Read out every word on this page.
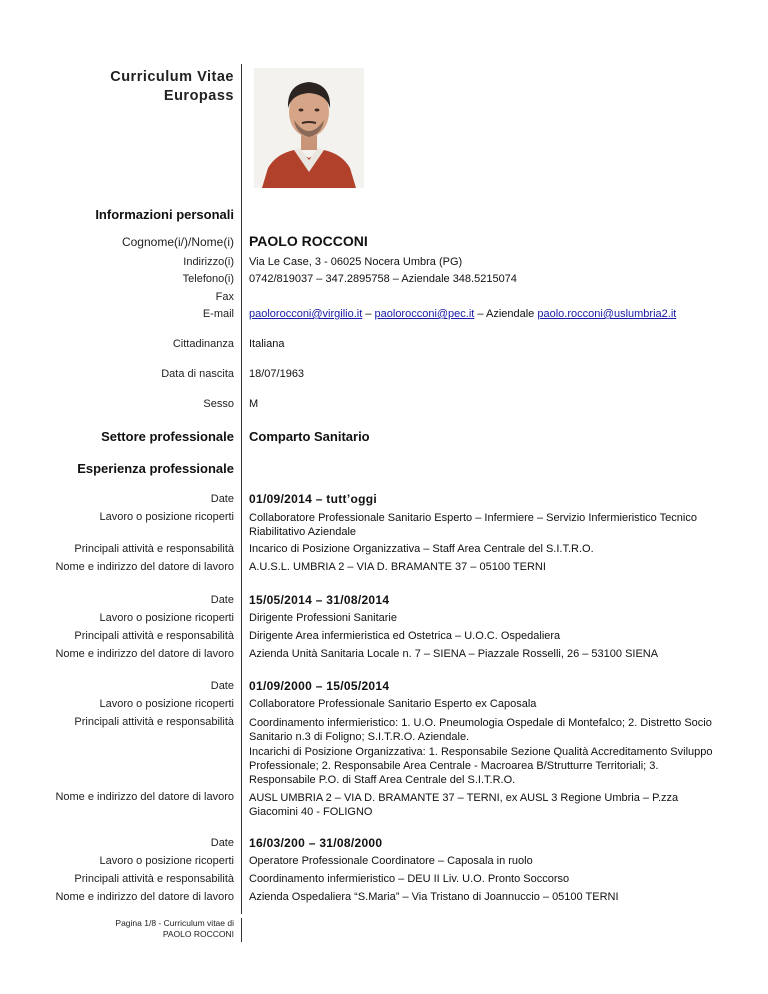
Curriculum Vitae
Europass
Informazioni personali
Cognome(i/)/Nome(i) PAOLO ROCCONI
Indirizzo(i) Via Le Case, 3 - 06025 Nocera Umbra (PG)
Telefono(i) 0742/819037 – 347.2895758 – Aziendale 348.5215074
Fax
E-mail paolorocconi@virgilio.it – paolorocconi@pec.it – Aziendale paolo.rocconi@uslumbria2.it
Cittadinanza Italiana
Data di nascita 18/07/1963
Sesso M
Settore professionale Comparto Sanitario
Esperienza professionale
Date 01/09/2014 – tutt’oggi
Lavoro o posizione ricoperti Collaboratore Professionale Sanitario Esperto – Infermiere – Servizio Infermieristico Tecnico Riabilitativo Aziendale
Principali attività e responsabilità Incarico di Posizione Organizzativa – Staff Area Centrale del S.I.T.R.O.
Nome e indirizzo del datore di lavoro A.U.S.L. UMBRIA 2 – VIA D. BRAMANTE 37 – 05100 TERNI
Date 15/05/2014 – 31/08/2014
Lavoro o posizione ricoperti Dirigente Professioni Sanitarie
Principali attività e responsabilità Dirigente Area infermieristica ed Ostetrica – U.O.C. Ospedaliera
Nome e indirizzo del datore di lavoro Azienda Unità Sanitaria Locale n. 7 – SIENA – Piazzale Rosselli, 26 – 53100 SIENA
Date 01/09/2000 – 15/05/2014
Lavoro o posizione ricoperti Collaboratore Professionale Sanitario Esperto ex Caposala
Principali attività e responsabilità Coordinamento infermieristico: 1. U.O. Pneumologia Ospedale di Montefalco; 2. Distretto Socio Sanitario n.3 di Foligno; S.I.T.R.O. Aziendale.
Incarichi di Posizione Organizzativa: 1. Responsabile Sezione Qualità Accreditamento Sviluppo Professionale; 2. Responsabile Area Centrale - Macroarea B/Strutturre Territoriali; 3. Responsabile P.O. di Staff Area Centrale del S.I.T.R.O.
Nome e indirizzo del datore di lavoro AUSL UMBRIA 2 – VIA D. BRAMANTE 37 – TERNI, ex AUSL 3 Regione Umbria – P.zza Giacomini 40 - FOLIGNO
Date 16/03/200 – 31/08/2000
Lavoro o posizione ricoperti Operatore Professionale Coordinatore – Caposala in ruolo
Principali attività e responsabilità Coordinamento infermieristico – DEU II Liv. U.O. Pronto Soccorso
Nome e indirizzo del datore di lavoro Azienda Ospedaliera “S.Maria” – Via Tristano di Joannuccio – 05100 TERNI
Pagina 1/8 - Curriculum vitae di
PAOLO ROCCONI
